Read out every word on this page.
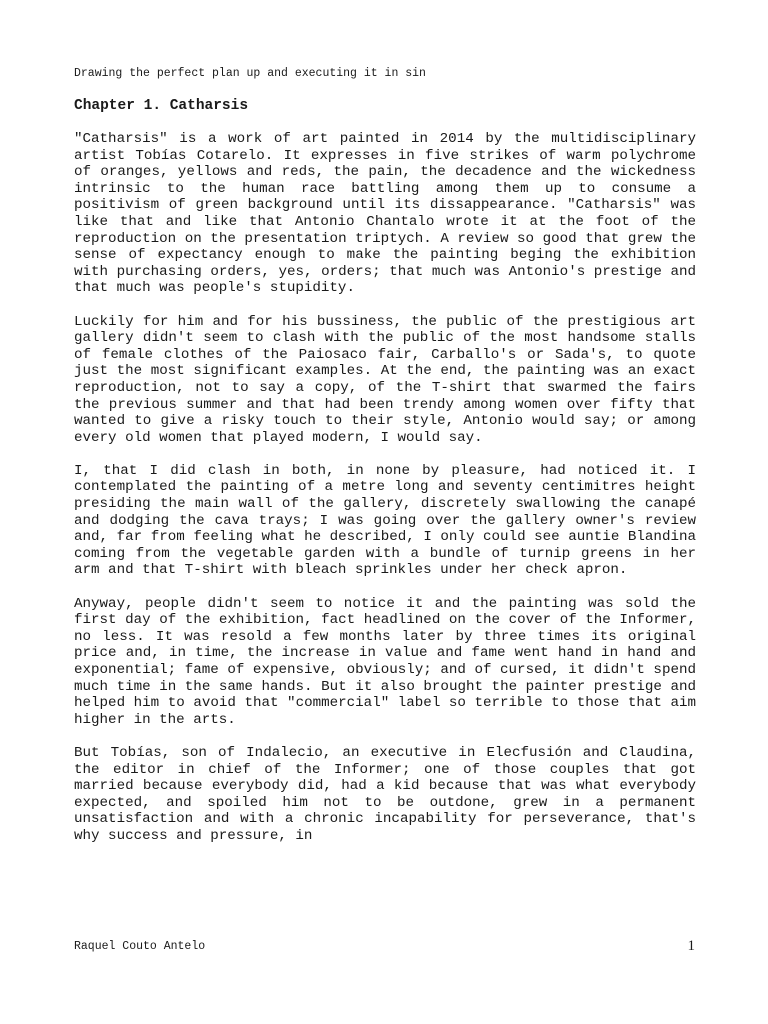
Drawing the perfect plan up and executing it in sin
Chapter 1. Catharsis

"Catharsis" is a work of art painted in 2014 by the multidisciplinary artist Tobías Cotarelo. It expresses in five strikes of warm polychrome of oranges, yellows and reds, the pain, the decadence and the wickedness intrinsic to the human race battling among them up to consume a positivism of green background until its dissappearance. "Catharsis" was like that and like that Antonio Chantalo wrote it at the foot of the reproduction on the presentation triptych. A review so good that grew the sense of expectancy enough to make the painting beging the exhibition with purchasing orders, yes, orders; that much was Antonio's prestige and that much was people's stupidity.

Luckily for him and for his bussiness, the public of the prestigious art gallery didn't seem to clash with the public of the most handsome stalls of female clothes of the Paiosaco fair, Carballo's or Sada's, to quote just the most significant examples. At the end, the painting was an exact reproduction, not to say a copy, of the T-shirt that swarmed the fairs the previous summer and that had been trendy among women over fifty that wanted to give a risky touch to their style, Antonio would say; or among every old women that played modern, I would say.

I, that I did clash in both, in none by pleasure, had noticed it. I contemplated the painting of a metre long and seventy centimitres height presiding the main wall of the gallery, discretely swallowing the canapé and dodging the cava trays; I was going over the gallery owner's review and, far from feeling what he described, I only could see auntie Blandina coming from the vegetable garden with a bundle of turnip greens in her arm and that T-shirt with bleach sprinkles under her check apron.

Anyway, people didn't seem to notice it and the painting was sold the first day of the exhibition, fact headlined on the cover of the Informer, no less. It was resold a few months later by three times its original price and, in time, the increase in value and fame went hand in hand and exponential; fame of expensive, obviously; and of cursed, it didn't spend much time in the same hands. But it also brought the painter prestige and helped him to avoid that "commercial" label so terrible to those that aim higher in the arts.

But Tobías, son of Indalecio, an executive in Elecfusión and Claudina, the editor in chief of the Informer; one of those couples that got married because everybody did, had a kid because that was what everybody expected, and spoiled him not to be outdone, grew in a permanent unsatisfaction and with a chronic incapability for perseverance, that's why success and pressure, in

Raquel Couto Antelo	1
